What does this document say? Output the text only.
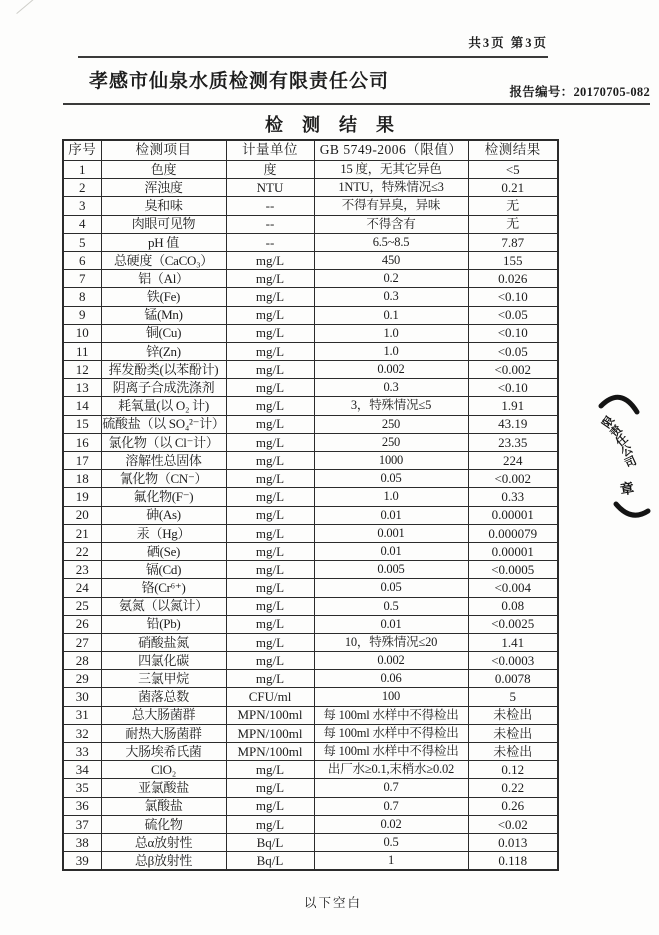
共3页 第3页
孝感市仙泉水质检测有限责任公司	报告编号：20170705-082
检 测 结 果
序号	检测项目	计量单位	GB 5749-2006（限值）	检测结果
1	色度	度	15 度，无其它异色	<5
2	浑浊度	NTU	1NTU，特殊情况≤3	0.21
3	臭和味	--	不得有异臭，异味	无
4	肉眼可见物	--	不得含有	无
5	pH 值	--	6.5~8.5	7.87
6	总硬度（CaCO₃）	mg/L	450	155
7	铝（Al）	mg/L	0.2	0.026
8	铁(Fe)	mg/L	0.3	<0.10
9	锰(Mn)	mg/L	0.1	<0.05
10	铜(Cu)	mg/L	1.0	<0.10
11	锌(Zn)	mg/L	1.0	<0.05
12	挥发酚类(以苯酚计)	mg/L	0.002	<0.002
13	阴离子合成洗涤剂	mg/L	0.3	<0.10
14	耗氧量(以 O₂ 计)	mg/L	3，特殊情况≤5	1.91
15	硫酸盐（以 SO₄²⁻计）	mg/L	250	43.19
16	氯化物（以 Cl⁻计）	mg/L	250	23.35
17	溶解性总固体	mg/L	1000	224
18	氰化物（CN⁻）	mg/L	0.05	<0.002
19	氟化物(F⁻)	mg/L	1.0	0.33
20	砷(As)	mg/L	0.01	0.00001
21	汞（Hg）	mg/L	0.001	0.000079
22	硒(Se)	mg/L	0.01	0.00001
23	镉(Cd)	mg/L	0.005	<0.0005
24	铬(Cr⁶⁺)	mg/L	0.05	<0.004
25	氨氮（以氮计）	mg/L	0.5	0.08
26	铅(Pb)	mg/L	0.01	<0.0025
27	硝酸盐氮	mg/L	10，特殊情况≤20	1.41
28	四氯化碳	mg/L	0.002	<0.0003
29	三氯甲烷	mg/L	0.06	0.0078
30	菌落总数	CFU/ml	100	5
31	总大肠菌群	MPN/100ml	每 100ml 水样中不得检出	未检出
32	耐热大肠菌群	MPN/100ml	每 100ml 水样中不得检出	未检出
33	大肠埃希氏菌	MPN/100ml	每 100ml 水样中不得检出	未检出
34	ClO₂	mg/L	出厂水≥0.1,末梢水≥0.02	0.12
35	亚氯酸盐	mg/L	0.7	0.22
36	氯酸盐	mg/L	0.7	0.26
37	硫化物	mg/L	0.02	<0.02
38	总α放射性	Bq/L	0.5	0.013
39	总β放射性	Bq/L	1	0.118
以下空白
限
责
任
公
司
章
